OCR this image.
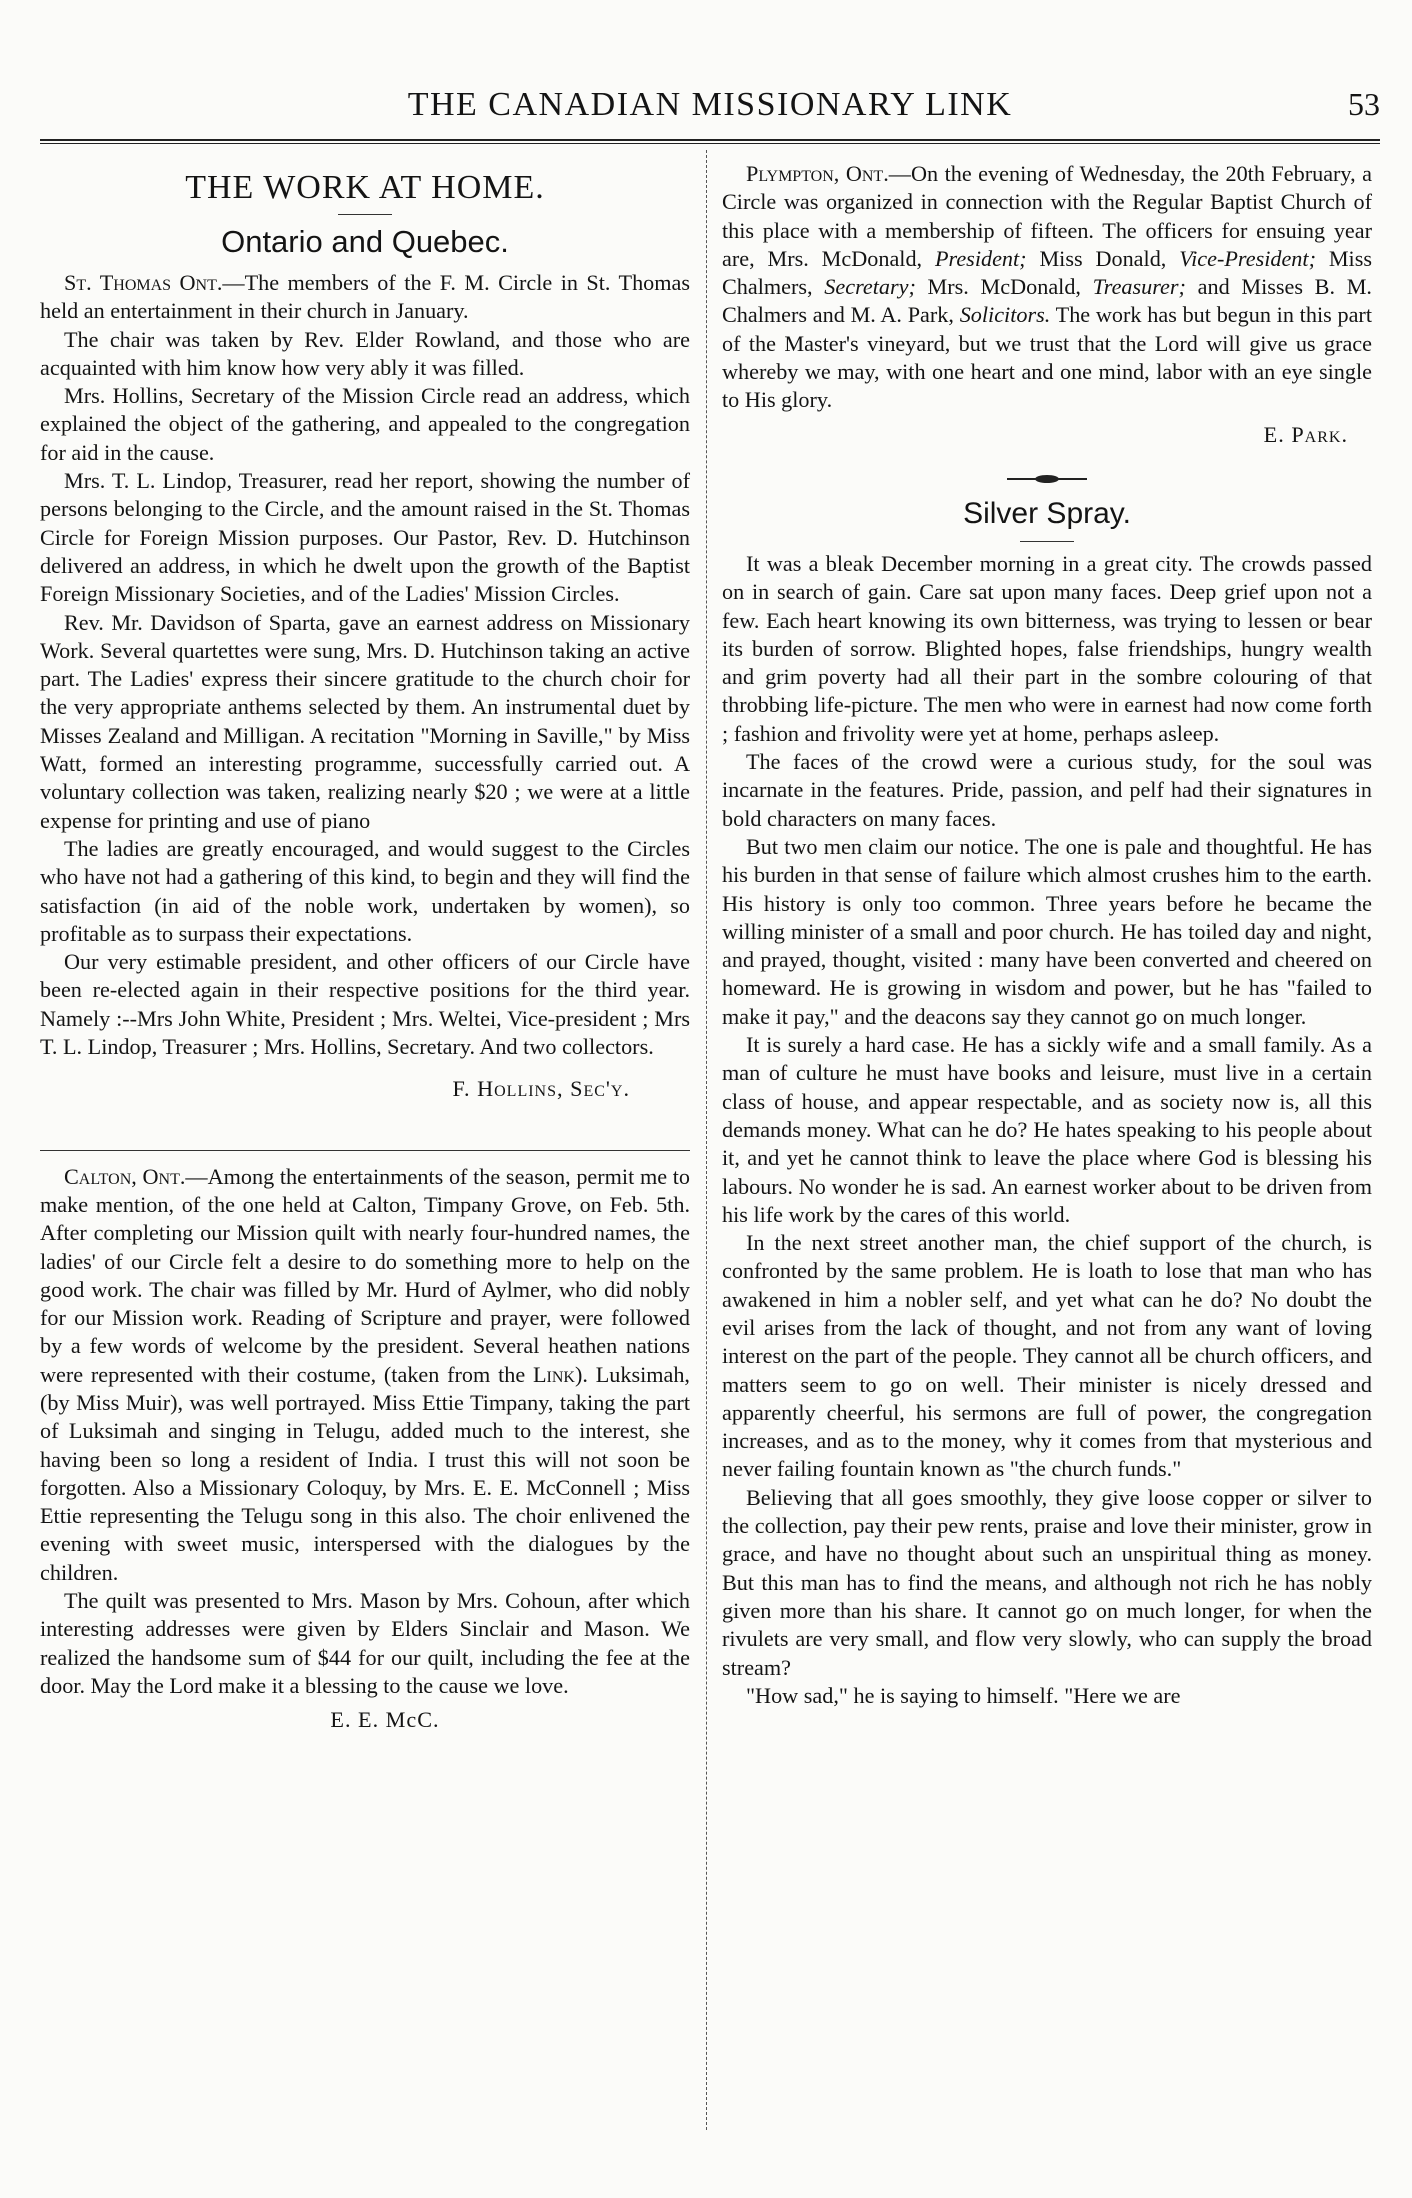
THE CANADIAN MISSIONARY LINK	53
THE WORK AT HOME.
Ontario and Quebec.

St. Thomas Ont.—The members of the F. M. Circle in St. Thomas held an entertainment in their church in January.

The chair was taken by Rev. Elder Rowland, and those who are acquainted with him know how very ably it was filled.

Mrs. Hollins, Secretary of the Mission Circle read an address, which explained the object of the gathering, and appealed to the congregation for aid in the cause.

Mrs. T. L. Lindop, Treasurer, read her report, showing the number of persons belonging to the Circle, and the amount raised in the St. Thomas Circle for Foreign Mission purposes. Our Pastor, Rev. D. Hutchinson delivered an address, in which he dwelt upon the growth of the Baptist Foreign Missionary Societies, and of the Ladies' Mission Circles.

Rev. Mr. Davidson of Sparta, gave an earnest address on Missionary Work. Several quartettes were sung, Mrs. D. Hutchinson taking an active part. The Ladies' express their sincere gratitude to the church choir for the very appropriate anthems selected by them. An instrumental duet by Misses Zealand and Milligan. A recitation "Morning in Saville," by Miss Watt, formed an interesting programme, successfully carried out. A voluntary collection was taken, realizing nearly $20 ; we were at a little expense for printing and use of piano

The ladies are greatly encouraged, and would suggest to the Circles who have not had a gathering of this kind, to begin and they will find the satisfaction (in aid of the noble work, undertaken by women), so profitable as to surpass their expectations.

Our very estimable president, and other officers of our Circle have been re-elected again in their respective positions for the third year. Namely :--Mrs John White, President ; Mrs. Weltei, Vice-president ; Mrs T. L. Lindop, Treasurer ; Mrs. Hollins, Secretary. And two collectors.

F. Hollins, Sec'y.

Calton, Ont.—Among the entertainments of the season, permit me to make mention, of the one held at Calton, Timpany Grove, on Feb. 5th. After completing our Mission quilt with nearly four-hundred names, the ladies' of our Circle felt a desire to do something more to help on the good work. The chair was filled by Mr. Hurd of Aylmer, who did nobly for our Mission work. Reading of Scripture and prayer, were followed by a few words of welcome by the president. Several heathen nations were represented with their costume, (taken from the Link). Luksimah, (by Miss Muir), was well portrayed. Miss Ettie Timpany, taking the part of Luksimah and singing in Telugu, added much to the interest, she having been so long a resident of India. I trust this will not soon be forgotten. Also a Missionary Coloquy, by Mrs. E. E. McConnell ; Miss Ettie representing the Telugu song in this also. The choir enlivened the evening with sweet music, interspersed with the dialogues by the children.

The quilt was presented to Mrs. Mason by Mrs. Cohoun, after which interesting addresses were given by Elders Sinclair and Mason. We realized the handsome sum of $44 for our quilt, including the fee at the door. May the Lord make it a blessing to the cause we love.

E. E. McC.

Plympton, Ont.—On the evening of Wednesday, the 20th February, a Circle was organized in connection with the Regular Baptist Church of this place with a membership of fifteen. The officers for ensuing year are, Mrs. McDonald, President; Miss Donald, Vice-President; Miss Chalmers, Secretary; Mrs. McDonald, Treasurer; and Misses B. M. Chalmers and M. A. Park, Solicitors. The work has but begun in this part of the Master's vineyard, but we trust that the Lord will give us grace whereby we may, with one heart and one mind, labor with an eye single to His glory.

E. Park.
Silver Spray.

It was a bleak December morning in a great city. The crowds passed on in search of gain. Care sat upon many faces. Deep grief upon not a few. Each heart knowing its own bitterness, was trying to lessen or bear its burden of sorrow. Blighted hopes, false friendships, hungry wealth and grim poverty had all their part in the sombre colouring of that throbbing life-picture. The men who were in earnest had now come forth ; fashion and frivolity were yet at home, perhaps asleep.

The faces of the crowd were a curious study, for the soul was incarnate in the features. Pride, passion, and pelf had their signatures in bold characters on many faces.

But two men claim our notice. The one is pale and thoughtful. He has his burden in that sense of failure which almost crushes him to the earth. His history is only too common. Three years before he became the willing minister of a small and poor church. He has toiled day and night, and prayed, thought, visited : many have been converted and cheered on homeward. He is growing in wisdom and power, but he has "failed to make it pay," and the deacons say they cannot go on much longer.

It is surely a hard case. He has a sickly wife and a small family. As a man of culture he must have books and leisure, must live in a certain class of house, and appear respectable, and as society now is, all this demands money. What can he do? He hates speaking to his people about it, and yet he cannot think to leave the place where God is blessing his labours. No wonder he is sad. An earnest worker about to be driven from his life work by the cares of this world.

In the next street another man, the chief support of the church, is confronted by the same problem. He is loath to lose that man who has awakened in him a nobler self, and yet what can he do? No doubt the evil arises from the lack of thought, and not from any want of loving interest on the part of the people. They cannot all be church officers, and matters seem to go on well. Their minister is nicely dressed and apparently cheerful, his sermons are full of power, the congregation increases, and as to the money, why it comes from that mysterious and never failing fountain known as "the church funds."

Believing that all goes smoothly, they give loose copper or silver to the collection, pay their pew rents, praise and love their minister, grow in grace, and have no thought about such an unspiritual thing as money. But this man has to find the means, and although not rich he has nobly given more than his share. It cannot go on much longer, for when the rivulets are very small, and flow very slowly, who can supply the broad stream?

"How sad," he is saying to himself. "Here we are
